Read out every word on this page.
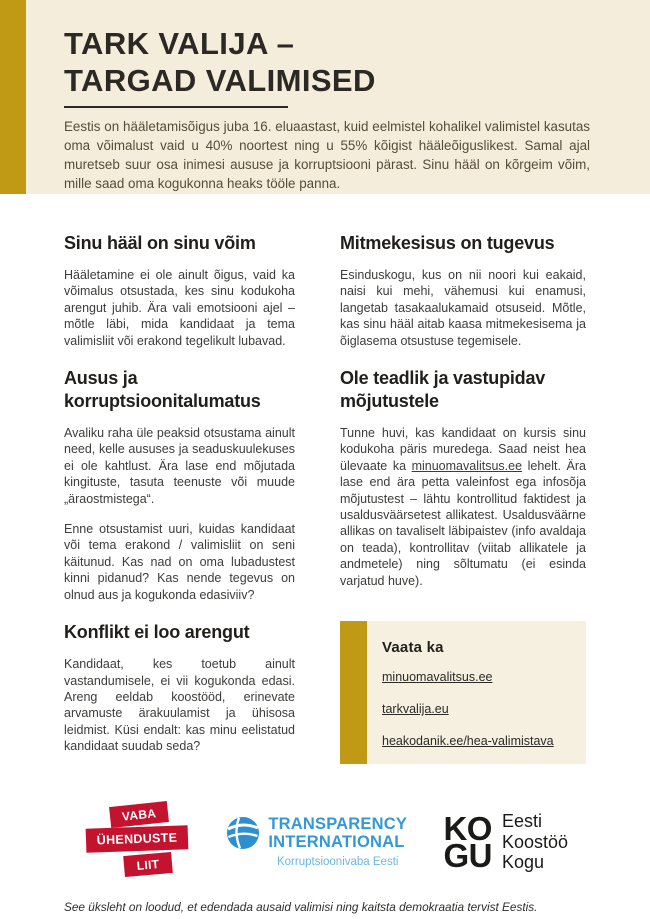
TARK VALIJA –
TARGAD VALIMISED

Eestis on hääletamisõigus juba 16. eluaastast, kuid eelmistel kohalikel valimistel kasutas oma võimalust vaid u 40% noortest ning u 55% kõigist hääleõiguslikest. Samal ajal muretseb suur osa inimesi aususe ja korruptsiooni pärast. Sinu hääl on kõrgeim võim, mille saad oma kogukonna heaks tööle panna.

Sinu hääl on sinu võim

Hääletamine ei ole ainult õigus, vaid ka võimalus otsustada, kes sinu kodukoha arengut juhib. Ära vali emotsiooni ajel – mõtle läbi, mida kandidaat ja tema valimisliit või erakond tegelikult lubavad.

Mitmekesisus on tugevus

Esinduskogu, kus on nii noori kui eakaid, naisi kui mehi, vähemusi kui enamusi, langetab tasakaalukamaid otsuseid. Mõtle, kas sinu hääl aitab kaasa mitmekesisema ja õiglasema otsustuse tegemisele.

Ausus ja korruptsioonitalumatus

Avaliku raha üle peaksid otsustama ainult need, kelle aususes ja seaduskuulekuses ei ole kahtlust. Ära lase end mõjutada kingituste, tasuta teenuste või muude „äraostmistega“.

Enne otsustamist uuri, kuidas kandidaat või tema erakond / valimisliit on seni käitunud. Kas nad on oma lubadustest kinni pidanud? Kas nende tegevus on olnud aus ja kogukonda edasiviiv?

Ole teadlik ja vastupidav mõjutustele

Tunne huvi, kas kandidaat on kursis sinu kodukoha päris muredega. Saad neist hea ülevaate ka minuomavalitsus.ee lehelt. Ära lase end ära petta valeinfost ega infosõja mõjutustest – lähtu kontrollitud faktidest ja usaldusväärsetest allikatest. Usaldusväärne allikas on tavaliselt läbipaistev (info avaldaja on teada), kontrollitav (viitab allikatele ja andmetele) ning sõltumatu (ei esinda varjatud huve).

Konflikt ei loo arengut

Kandidaat, kes toetub ainult vastandumisele, ei vii kogukonda edasi. Areng eeldab koostööd, erinevate arvamuste ärakuulamist ja ühisosa leidmist. Küsi endalt: kas minu eelistatud kandidaat suudab seda?

Vaata ka
minuomavalitsus.ee
tarkvalija.eu
heakodanik.ee/hea-valimistava
VABA
ÜHENDUSTE
LIIT
TRANSPARENCY
INTERNATIONAL
Korruptsioonivaba Eesti
KO
GU
Eesti
Koostöö
Kogu
See üksleht on loodud, et edendada ausaid valimisi ning kaitsta demokraatia tervist Eestis.
